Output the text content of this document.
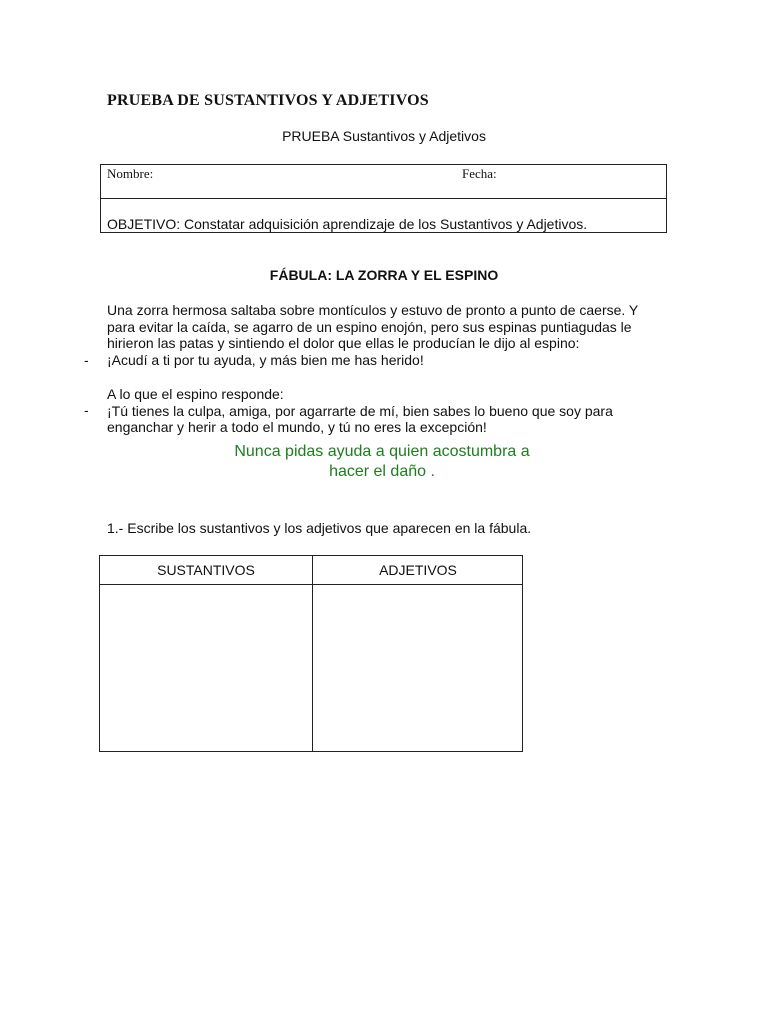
PRUEBA DE SUSTANTIVOS Y ADJETIVOS
PRUEBA Sustantivos y Adjetivos
Nombre:	Fecha:
OBJETIVO: Constatar adquisición aprendizaje de los Sustantivos y Adjetivos.
FÁBULA: LA ZORRA Y EL ESPINO
Una zorra hermosa saltaba sobre montículos y estuvo de pronto a punto de caerse. Y
para evitar la caída, se agarro de un espino enojón, pero sus espinas puntiagudas le
hirieron las patas y sintiendo el dolor que ellas le producían le dijo al espino:
¡Acudí a ti por tu ayuda, y más bien me has herido!
-
A lo que el espino responde:
¡Tú tienes la culpa, amiga, por agarrarte de mí, bien sabes lo bueno que soy para
enganchar y herir a todo el mundo, y tú no eres la excepción!
-
Nunca pidas ayuda a quien acostumbra a
hacer el daño .
1.- Escribe los sustantivos y los adjetivos que aparecen en la fábula.
SUSTANTIVOS	ADJETIVOS
